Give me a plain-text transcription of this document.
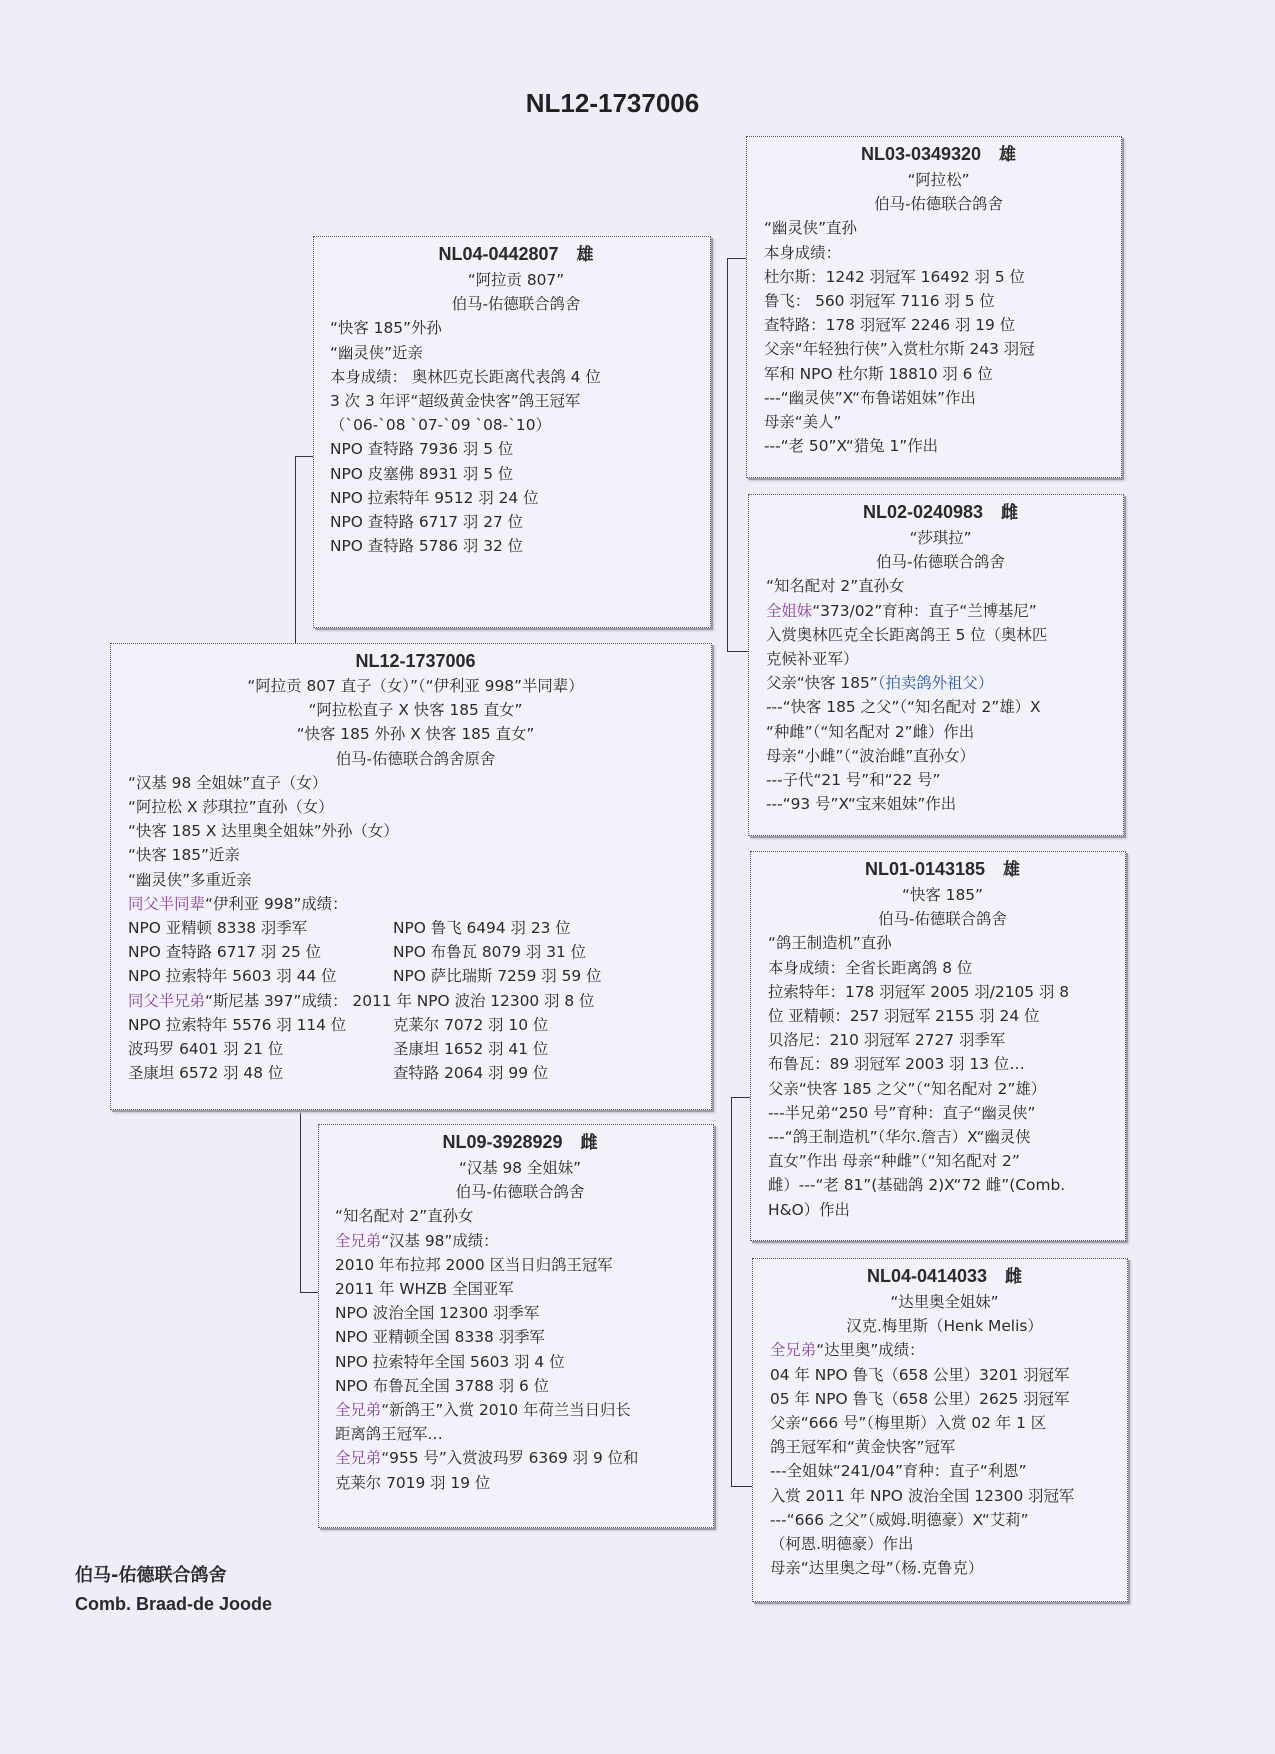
NL12-1737006
NL04-0442807 雄
“阿拉贡 807”
伯马-佑德联合鸽舍
“快客 185”外孙
“幽灵侠”近亲
本身成绩： 奥林匹克长距离代表鸽 4 位
3 次 3 年评“超级黄金快客”鸽王冠军
（`06-`08 `07-`09 `08-`10）
NPO 查特路 7936 羽 5 位
NPO 皮塞佛 8931 羽 5 位
NPO 拉索特年 9512 羽 24 位
NPO 查特路 6717 羽 27 位
NPO 查特路 5786 羽 32 位
NL12-1737006
“阿拉贡 807 直子（女）”（“伊利亚 998”半同辈）
“阿拉松直子 X 快客 185 直女”
“快客 185 外孙 X 快客 185 直女”
伯马-佑德联合鸽舍原舍
“汉基 98 全姐妹”直子（女）
“阿拉松 X 莎琪拉”直孙（女）
“快客 185 X 达里奥全姐妹”外孙（女）
“快客 185”近亲
“幽灵侠”多重近亲
同父半同辈“伊利亚 998”成绩：
NPO 亚精顿 8338 羽季军	NPO 鲁飞 6494 羽 23 位
NPO 查特路 6717 羽 25 位	NPO 布鲁瓦 8079 羽 31 位
NPO 拉索特年 5603 羽 44 位	NPO 萨比瑞斯 7259 羽 59 位
同父半兄弟“斯尼基 397”成绩： 2011 年 NPO 波治 12300 羽 8 位
NPO 拉索特年 5576 羽 114 位	克莱尔 7072 羽 10 位
波玛罗 6401 羽 21 位	圣康坦 1652 羽 41 位
圣康坦 6572 羽 48 位	查特路 2064 羽 99 位
NL09-3928929 雌
“汉基 98 全姐妹”
伯马-佑德联合鸽舍
“知名配对 2”直孙女
全兄弟“汉基 98”成绩：
2010 年布拉邦 2000 区当日归鸽王冠军
2011 年 WHZB 全国亚军
NPO 波治全国 12300 羽季军
NPO 亚精顿全国 8338 羽季军
NPO 拉索特年全国 5603 羽 4 位
NPO 布鲁瓦全国 3788 羽 6 位
全兄弟“新鸽王”入赏 2010 年荷兰当日归长
距离鸽王冠军…
全兄弟“955 号”入赏波玛罗 6369 羽 9 位和
克莱尔 7019 羽 19 位
NL03-0349320 雄
“阿拉松”
伯马-佑德联合鸽舍
“幽灵侠”直孙
本身成绩：
杜尔斯：1242 羽冠军 16492 羽 5 位
鲁飞： 560 羽冠军 7116 羽 5 位
查特路：178 羽冠军 2246 羽 19 位
父亲“年轻独行侠”入赏杜尔斯 243 羽冠
军和 NPO 杜尔斯 18810 羽 6 位
---“幽灵侠”X“布鲁诺姐妹”作出
母亲“美人”
---“老 50”X“猎兔 1”作出
NL02-0240983 雌
“莎琪拉”
伯马-佑德联合鸽舍
“知名配对 2”直孙女
全姐妹“373/02”育种：直子“兰博基尼”
入赏奥林匹克全长距离鸽王 5 位（奥林匹
克候补亚军）
父亲“快客 185”（拍卖鸽外祖父）
---“快客 185 之父”（“知名配对 2”雄）X
“种雌”（“知名配对 2”雌）作出
母亲“小雌”（“波治雌”直孙女）
---子代“21 号”和“22 号”
---“93 号”X“宝来姐妹”作出
NL01-0143185 雄
“快客 185”
伯马-佑德联合鸽舍
“鸽王制造机”直孙
本身成绩：全省长距离鸽 8 位
拉索特年：178 羽冠军 2005 羽/2105 羽 8
位 亚精顿：257 羽冠军 2155 羽 24 位
贝洛尼：210 羽冠军 2727 羽季军
布鲁瓦：89 羽冠军 2003 羽 13 位…
父亲“快客 185 之父”（“知名配对 2”雄）
---半兄弟“250 号”育种：直子“幽灵侠”
---“鸽王制造机”（华尔.詹吉）X“幽灵侠
直女”作出 母亲“种雌”（“知名配对 2”
雌）---“老 81”(基础鸽 2)X“72 雌”(Comb.
H&O）作出
NL04-0414033 雌
“达里奥全姐妹”
汉克.梅里斯（Henk Melis）
全兄弟“达里奥”成绩：
04 年 NPO 鲁飞（658 公里）3201 羽冠军
05 年 NPO 鲁飞（658 公里）2625 羽冠军
父亲“666 号”（梅里斯）入赏 02 年 1 区
鸽王冠军和“黄金快客”冠军
---全姐妹“241/04”育种：直子“利恩”
入赏 2011 年 NPO 波治全国 12300 羽冠军
---“666 之父”（威姆.明德豪）X“艾莉”
（柯恩.明德豪）作出
母亲“达里奥之母”（杨.克鲁克）
伯马-佑德联合鸽舍
Comb. Braad-de Joode
